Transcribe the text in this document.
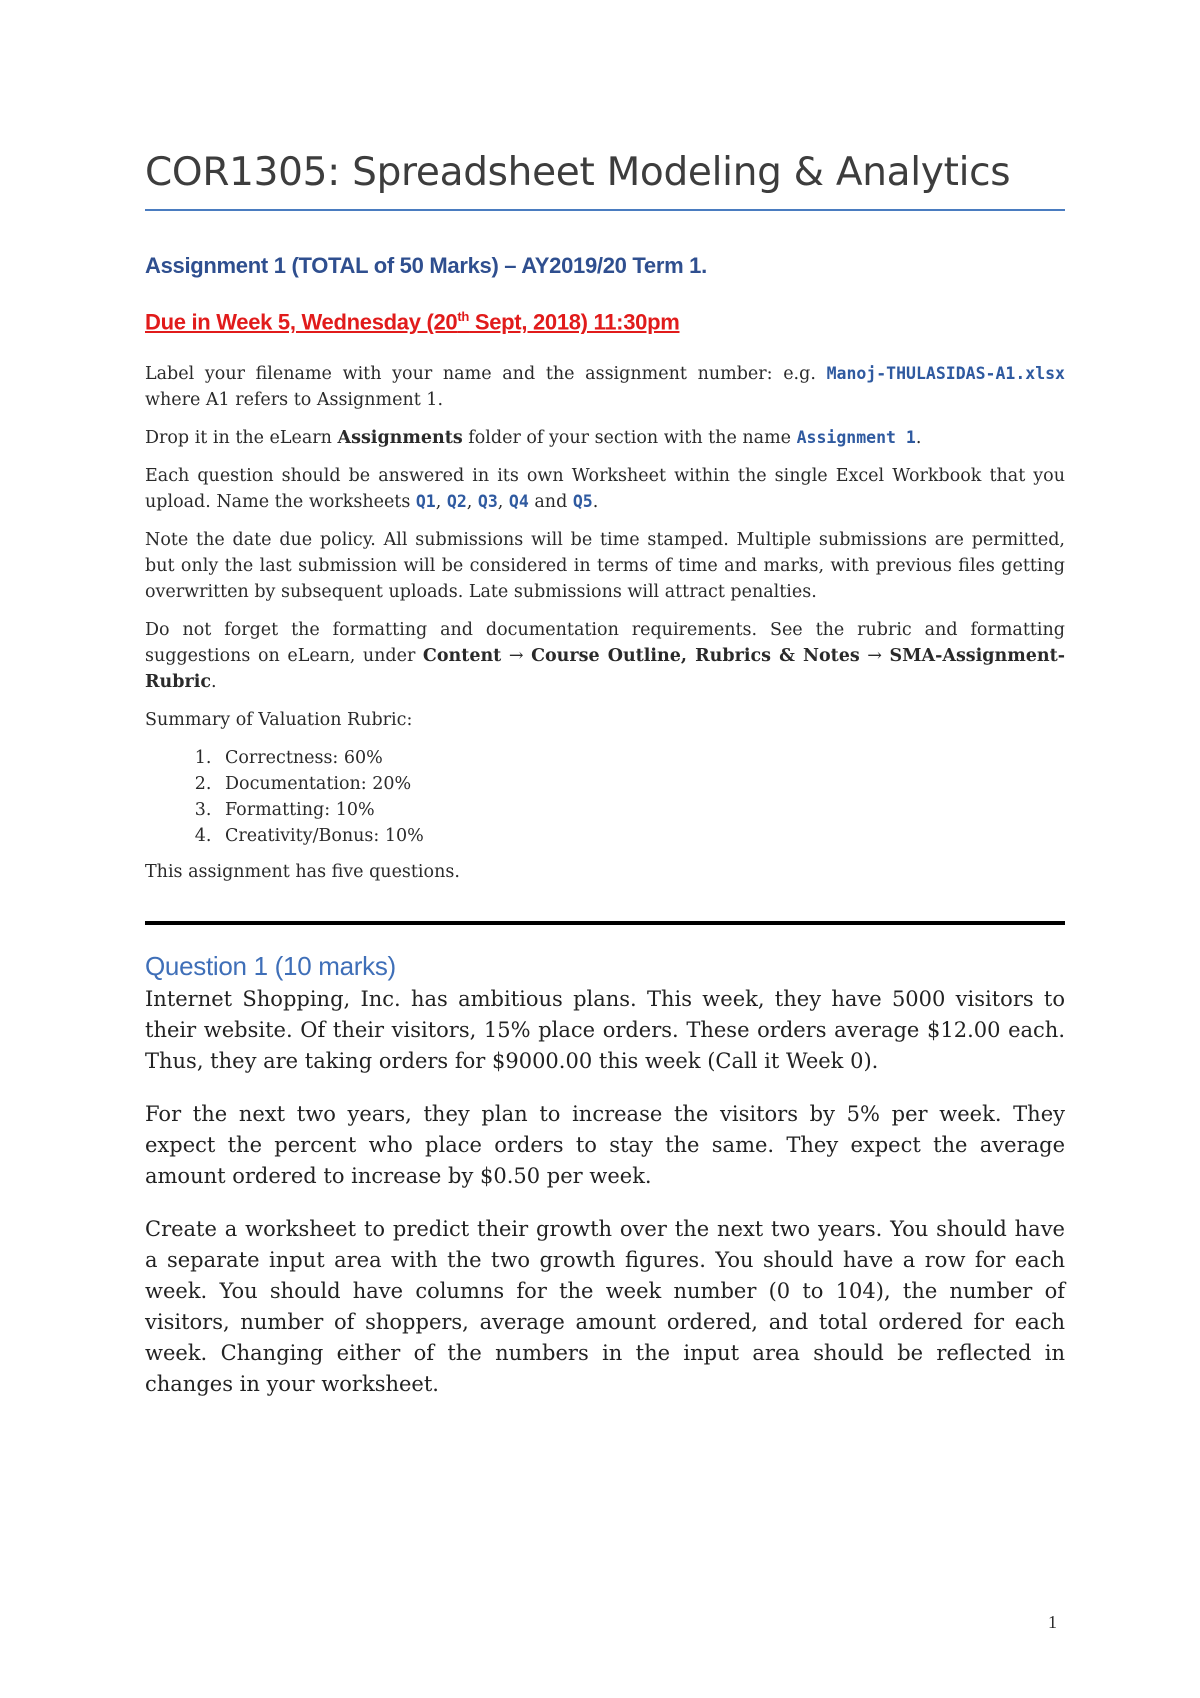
COR1305: Spreadsheet Modeling & Analytics
Assignment 1 (TOTAL of 50 Marks) – AY2019/20 Term 1.
Due in Week 5, Wednesday (20th Sept, 2018) 11:30pm

Label your filename with your name and the assignment number: e.g. Manoj-THULASIDAS-A1.xlsx where A1 refers to Assignment 1.

Drop it in the eLearn Assignments folder of your section with the name Assignment 1.

Each question should be answered in its own Worksheet within the single Excel Workbook that you upload. Name the worksheets Q1, Q2, Q3, Q4 and Q5.

Note the date due policy. All submissions will be time stamped. Multiple submissions are permitted, but only the last submission will be considered in terms of time and marks, with previous files getting overwritten by subsequent uploads. Late submissions will attract penalties.

Do not forget the formatting and documentation requirements. See the rubric and formatting suggestions on eLearn, under Content → Course Outline, Rubrics & Notes → SMA-Assignment-Rubric.

Summary of Valuation Rubric:

1. Correctness: 60%
2. Documentation: 20%
3. Formatting: 10%
4. Creativity/Bonus: 10%

This assignment has five questions.

Question 1 (10 marks)

Internet Shopping, Inc. has ambitious plans. This week, they have 5000 visitors to their website. Of their visitors, 15% place orders. These orders average $12.00 each. Thus, they are taking orders for $9000.00 this week (Call it Week 0).

For the next two years, they plan to increase the visitors by 5% per week. They expect the percent who place orders to stay the same. They expect the average amount ordered to increase by $0.50 per week.

Create a worksheet to predict their growth over the next two years. You should have a separate input area with the two growth figures. You should have a row for each week. You should have columns for the week number (0 to 104), the number of visitors, number of shoppers, average amount ordered, and total ordered for each week. Changing either of the numbers in the input area should be reflected in changes in your worksheet.

1
